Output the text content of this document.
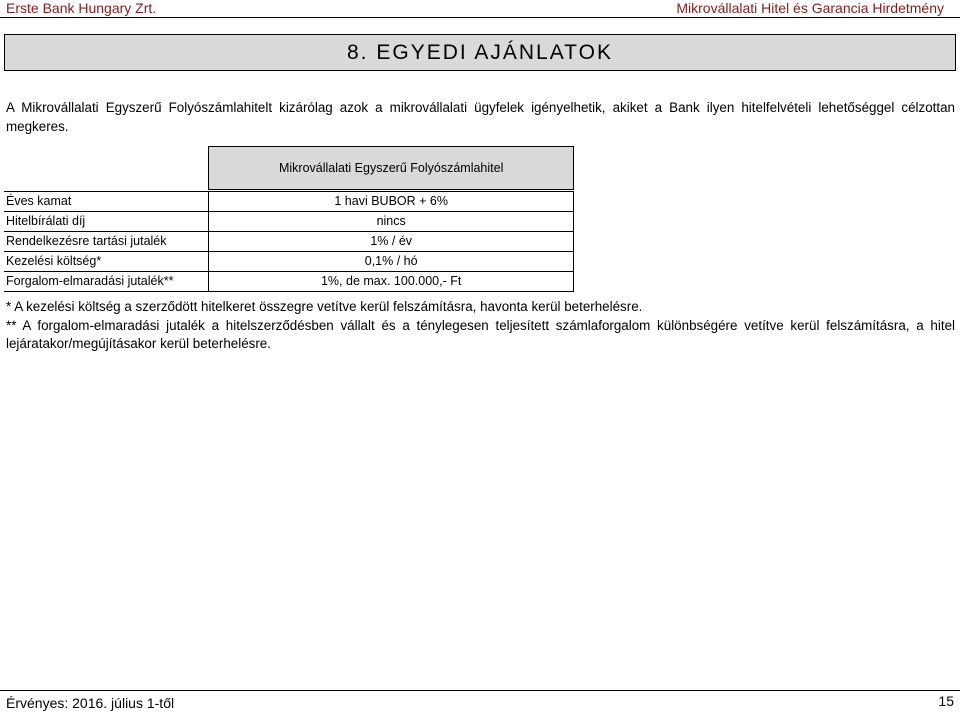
Erste Bank Hungary Zrt.	Mikrovállalati Hitel és Garancia Hirdetmény
8. EGYEDI AJÁNLATOK
A Mikrovállalati Egyszerű Folyószámlahitelt kizárólag azok a mikrovállalati ügyfelek igényelhetik, akiket a Bank ilyen hitelfelvételi lehetőséggel célzottan megkeres.
	Mikrovállalati Egyszerű Folyószámlahitel

Éves kamat	1 havi BUBOR + 6%
Hitelbírálati díj	nincs
Rendelkezésre tartási jutalék	1% / év
Kezelési költség*	0,1% / hó
Forgalom-elmaradási jutalék**	1%, de max. 100.000,- Ft

* A kezelési költség a szerződött hitelkeret összegre vetítve kerül felszámításra, havonta kerül beterhelésre.

** A forgalom-elmaradási jutalék a hitelszerződésben vállalt és a ténylegesen teljesített számlaforgalom különbségére vetítve kerül felszámításra, a hitel lejáratakor/megújításakor kerül beterhelésre.

Érvényes: 2016. július 1-től	15
